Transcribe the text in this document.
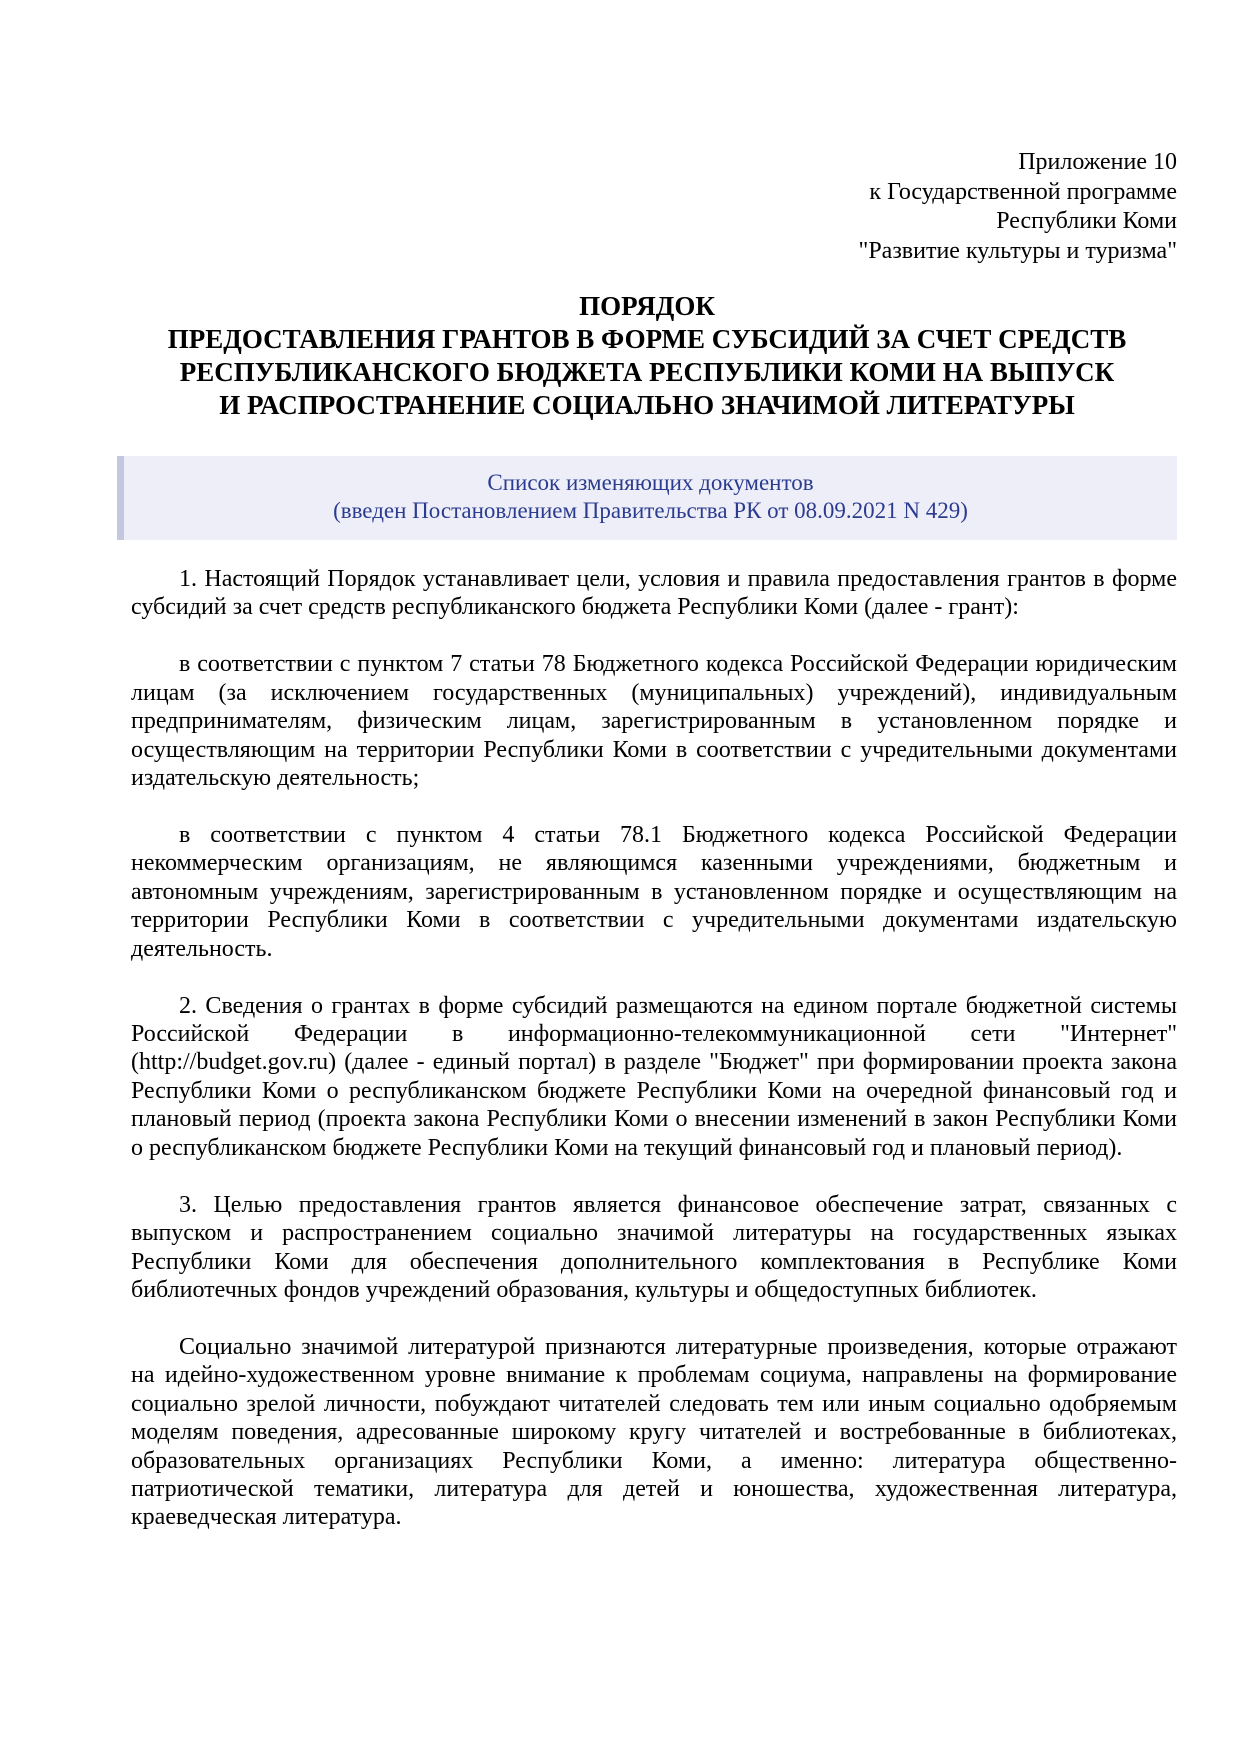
Приложение 10
к Государственной программе
Республики Коми
"Развитие культуры и туризма"
ПОРЯДОК
ПРЕДОСТАВЛЕНИЯ ГРАНТОВ В ФОРМЕ СУБСИДИЙ ЗА СЧЕТ СРЕДСТВ
РЕСПУБЛИКАНСКОГО БЮДЖЕТА РЕСПУБЛИКИ КОМИ НА ВЫПУСК
И РАСПРОСТРАНЕНИЕ СОЦИАЛЬНО ЗНАЧИМОЙ ЛИТЕРАТУРЫ
Список изменяющих документов
(введен Постановлением Правительства РК от 08.09.2021 N 429)

1. Настоящий Порядок устанавливает цели, условия и правила предоставления грантов в форме субсидий за счет средств республиканского бюджета Республики Коми (далее - грант):

в соответствии с пунктом 7 статьи 78 Бюджетного кодекса Российской Федерации юридическим лицам (за исключением государственных (муниципальных) учреждений), индивидуальным предпринимателям, физическим лицам, зарегистрированным в установленном порядке и осуществляющим на территории Республики Коми в соответствии с учредительными документами издательскую деятельность;

в соответствии с пунктом 4 статьи 78.1 Бюджетного кодекса Российской Федерации некоммерческим организациям, не являющимся казенными учреждениями, бюджетным и автономным учреждениям, зарегистрированным в установленном порядке и осуществляющим на территории Республики Коми в соответствии с учредительными документами издательскую деятельность.

2. Сведения о грантах в форме субсидий размещаются на едином портале бюджетной системы Российской Федерации в информационно-телекоммуникационной сети "Интернет" (http://budget.gov.ru) (далее - единый портал) в разделе "Бюджет" при формировании проекта закона Республики Коми о республиканском бюджете Республики Коми на очередной финансовый год и плановый период (проекта закона Республики Коми о внесении изменений в закон Республики Коми о республиканском бюджете Республики Коми на текущий финансовый год и плановый период).

3. Целью предоставления грантов является финансовое обеспечение затрат, связанных с выпуском и распространением социально значимой литературы на государственных языках Республики Коми для обеспечения дополнительного комплектования в Республике Коми библиотечных фондов учреждений образования, культуры и общедоступных библиотек.

Социально значимой литературой признаются литературные произведения, которые отражают на идейно-художественном уровне внимание к проблемам социума, направлены на формирование социально зрелой личности, побуждают читателей следовать тем или иным социально одобряемым моделям поведения, адресованные широкому кругу читателей и востребованные в библиотеках, образовательных организациях Республики Коми, а именно: литература общественно-патриотической тематики, литература для детей и юношества, художественная литература, краеведческая литература.
